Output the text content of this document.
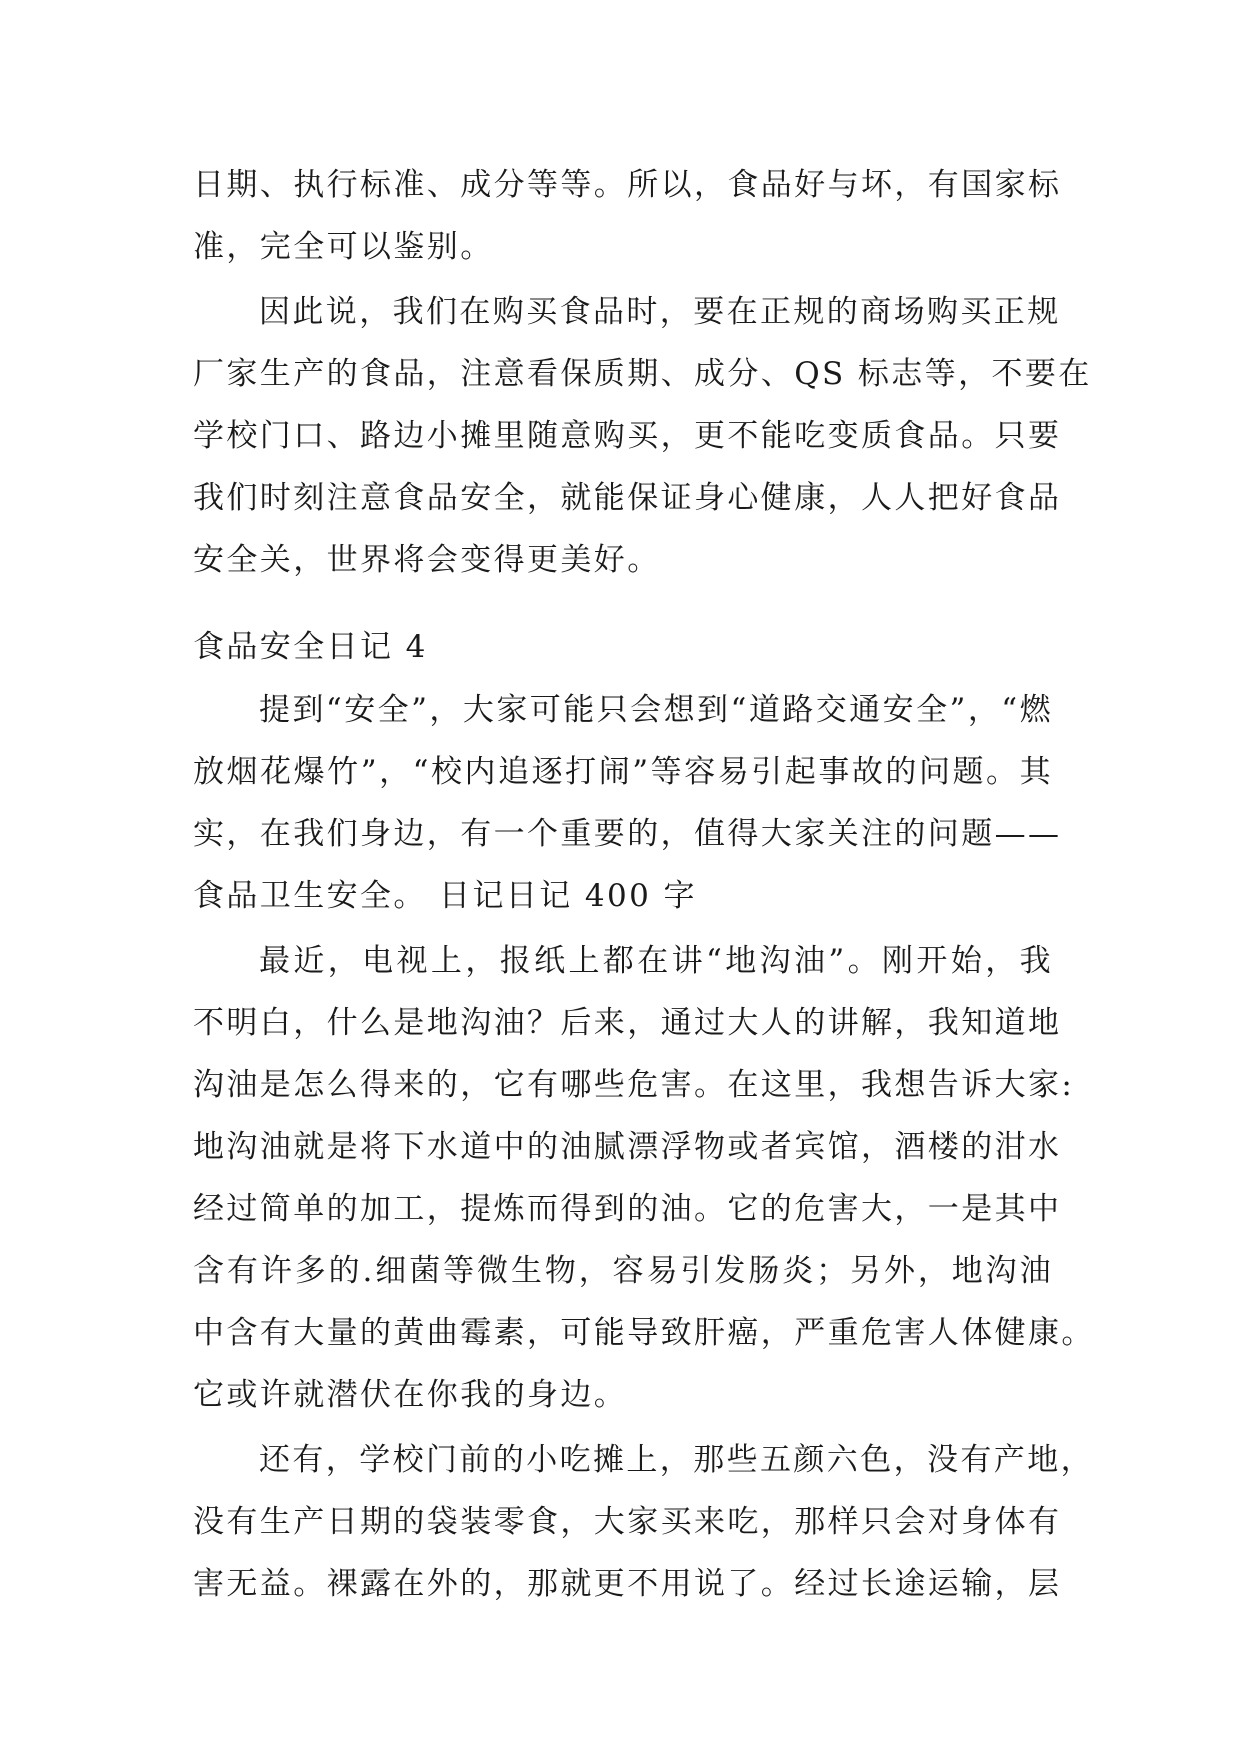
日期、执行标准、成分等等。所以，食品好与坏，有国家标
准，完全可以鉴别。
因此说，我们在购买食品时，要在正规的商场购买正规
厂家生产的食品，注意看保质期、成分、QS 标志等，不要在
学校门口、路边小摊里随意购买，更不能吃变质食品。只要
我们时刻注意食品安全，就能保证身心健康，人人把好食品
安全关，世界将会变得更美好。
食品安全日记 4
提到“安全”，大家可能只会想到“道路交通安全”，“燃
放烟花爆竹”，“校内追逐打闹”等容易引起事故的问题。其
实，在我们身边，有一个重要的，值得大家关注的问题——
食品卫生安全。 日记日记 400 字
最近，电视上，报纸上都在讲“地沟油”。刚开始，我
不明白，什么是地沟油？后来，通过大人的讲解，我知道地
沟油是怎么得来的，它有哪些危害。在这里，我想告诉大家:
地沟油就是将下水道中的油腻漂浮物或者宾馆，酒楼的泔水
经过简单的加工，提炼而得到的油。它的危害大，一是其中
含有许多的.细菌等微生物，容易引发肠炎；另外，地沟油
中含有大量的黄曲霉素，可能导致肝癌，严重危害人体健康。
它或许就潜伏在你我的身边。
还有，学校门前的小吃摊上，那些五颜六色，没有产地，
没有生产日期的袋装零食，大家买来吃，那样只会对身体有
害无益。裸露在外的，那就更不用说了。经过长途运输，层
